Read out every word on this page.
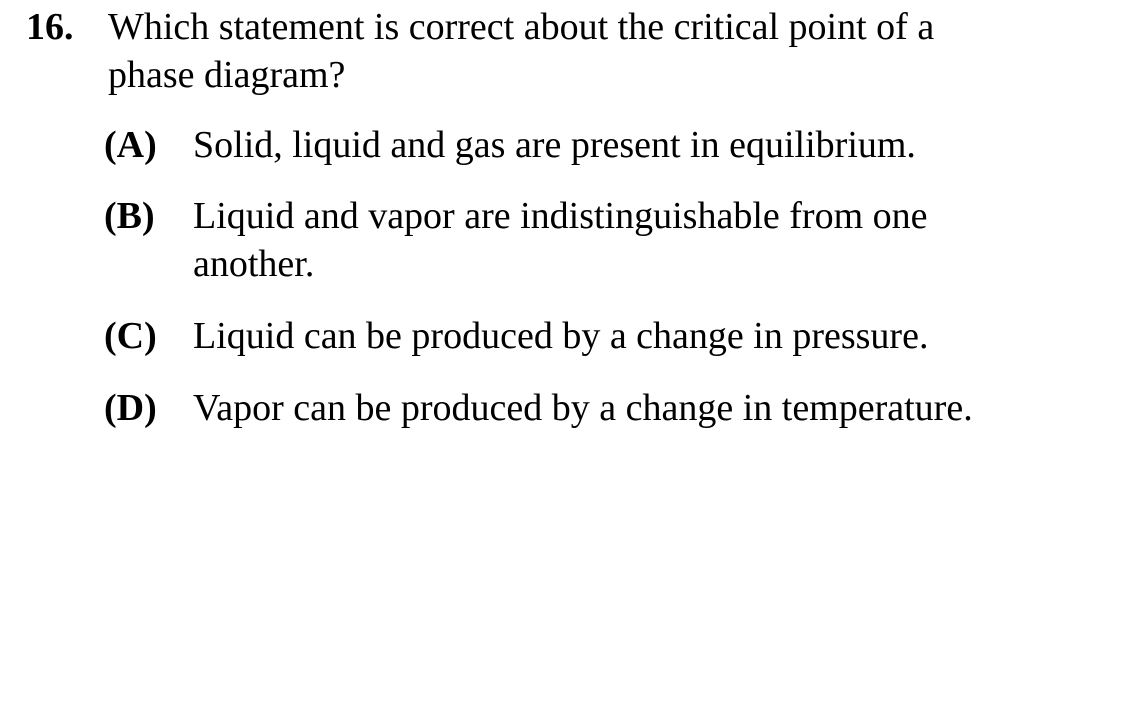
16. Which statement is correct about the critical point of a
phase diagram?
(A) Solid, liquid and gas are present in equilibrium.
(B) Liquid and vapor are indistinguishable from one
another.
(C) Liquid can be produced by a change in pressure.
(D) Vapor can be produced by a change in temperature.
